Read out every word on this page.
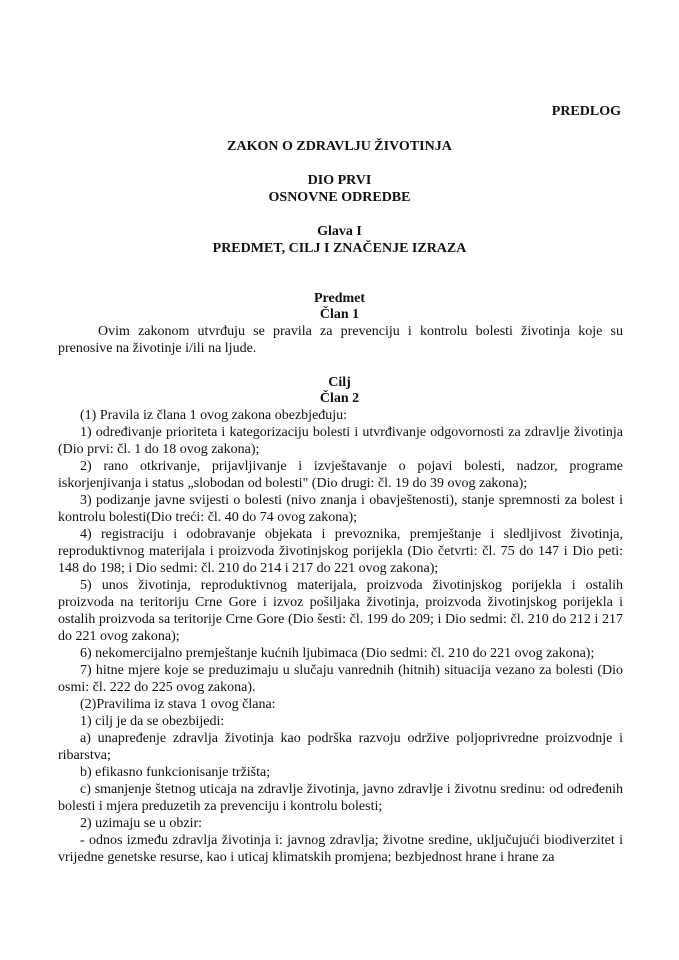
PREDLOG
ZAKON O ZDRAVLJU ŽIVOTINJA
DIO PRVI
OSNOVNE ODREDBE
Glava I
PREDMET, CILJ I ZNAČENJE IZRAZA
Predmet
Član 1

Ovim zakonom utvrđuju se pravila za prevenciju i kontrolu bolesti životinja koje su prenosive na životinje i/ili na ljude.

Cilj
Član 2

(1) Pravila iz člana 1 ovog zakona obezbjeđuju:

1) određivanje prioriteta i kategorizaciju bolesti i utvrđivanje odgovornosti za zdravlje životinja (Dio prvi: čl. 1 do 18 ovog zakona);

2) rano otkrivanje, prijavljivanje i izvještavanje o pojavi bolesti, nadzor, programe iskorjenjivanja i status „slobodan od bolesti" (Dio drugi: čl. 19 do 39 ovog zakona);

3) podizanje javne svijesti o bolesti (nivo znanja i obavještenosti), stanje spremnosti za bolest i kontrolu bolesti(Dio treći: čl. 40 do 74 ovog zakona);

4) registraciju i odobravanje objekata i prevoznika, premještanje i sledljivost životinja, reproduktivnog materijala i proizvoda životinjskog porijekla (Dio četvrti: čl. 75 do 147 i Dio peti: 148 do 198; i Dio sedmi: čl. 210 do 214 i 217 do 221 ovog zakona);

5) unos životinja, reproduktivnog materijala, proizvoda životinjskog porijekla i ostalih proizvoda na teritoriju Crne Gore i izvoz pošiljaka životinja, proizvoda životinjskog porijekla i ostalih proizvoda sa teritorije Crne Gore (Dio šesti: čl. 199 do 209; i Dio sedmi: čl. 210 do 212 i 217 do 221 ovog zakona);

6) nekomercijalno premještanje kućnih ljubimaca (Dio sedmi: čl. 210 do 221 ovog zakona);

7) hitne mjere koje se preduzimaju u slučaju vanrednih (hitnih) situacija vezano za bolesti (Dio osmi: čl. 222 do 225 ovog zakona).

(2)Pravilima iz stava 1 ovog člana:

1) cilj je da se obezbijedi:

a) unapređenje zdravlja životinja kao podrška razvoju održive poljoprivredne proizvodnje i ribarstva;

b) efikasno funkcionisanje tržišta;

c) smanjenje štetnog uticaja na zdravlje životinja, javno zdravlje i životnu sredinu: od određenih bolesti i mjera preduzetih za prevenciju i kontrolu bolesti;

2) uzimaju se u obzir:

- odnos između zdravlja životinja i: javnog zdravlja; životne sredine, uključujući biodiverzitet i vrijedne genetske resurse, kao i uticaj klimatskih promjena; bezbjednost hrane i hrane za
